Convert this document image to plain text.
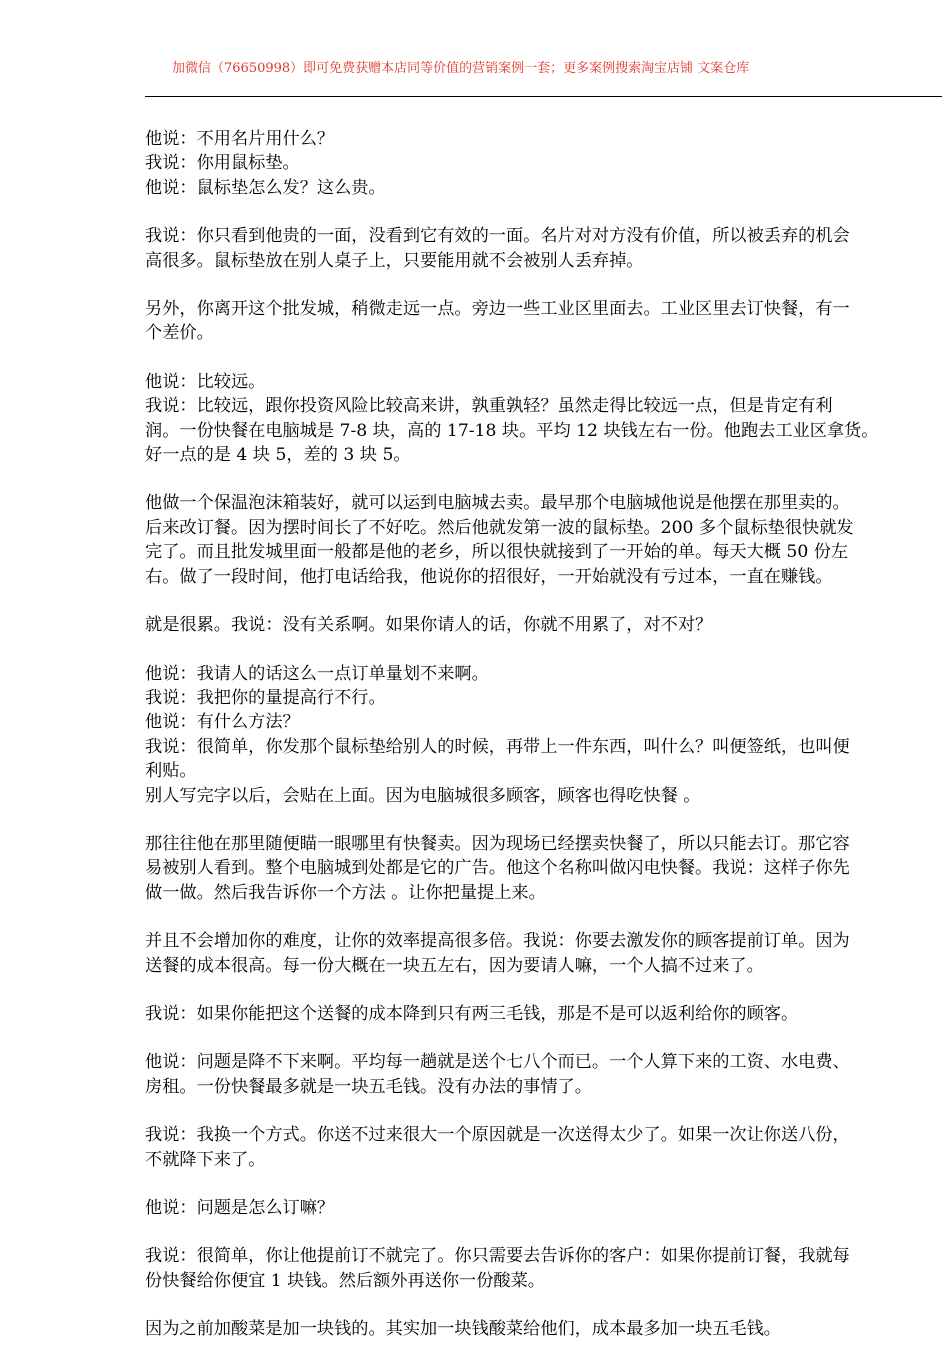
加微信（76650998）即可免费获赠本店同等价值的营销案例一套；更多案例搜索淘宝店铺 文案仓库
他说：不用名片用什么？
我说：你用鼠标垫。
他说：鼠标垫怎么发？这么贵。
我说：你只看到他贵的一面，没看到它有效的一面。名片对对方没有价值，所以被丢弃的机会
高很多。鼠标垫放在别人桌子上，只要能用就不会被别人丢弃掉。
另外，你离开这个批发城，稍微走远一点。旁边一些工业区里面去。工业区里去订快餐，有一
个差价。
他说：比较远。
我说：比较远，跟你投资风险比较高来讲，孰重孰轻？虽然走得比较远一点，但是肯定有利
润。一份快餐在电脑城是 7-8 块，高的 17-18 块。平均 12 块钱左右一份。他跑去工业区拿货。
好一点的是 4 块 5，差的 3 块 5。
他做一个保温泡沫箱装好，就可以运到电脑城去卖。最早那个电脑城他说是他摆在那里卖的。
后来改订餐。因为摆时间长了不好吃。然后他就发第一波的鼠标垫。200 多个鼠标垫很快就发
完了。而且批发城里面一般都是他的老乡，所以很快就接到了一开始的单。每天大概 50 份左
右。做了一段时间，他打电话给我，他说你的招很好，一开始就没有亏过本，一直在赚钱。
就是很累。我说：没有关系啊。如果你请人的话，你就不用累了，对不对？
他说：我请人的话这么一点订单量划不来啊。
我说：我把你的量提高行不行。
他说：有什么方法？
我说：很简单，你发那个鼠标垫给别人的时候，再带上一件东西，叫什么？叫便签纸，也叫便
利贴。
别人写完字以后，会贴在上面。因为电脑城很多顾客，顾客也得吃快餐 。
那往往他在那里随便瞄一眼哪里有快餐卖。因为现场已经摆卖快餐了，所以只能去订。那它容
易被别人看到。整个电脑城到处都是它的广告。他这个名称叫做闪电快餐。我说：这样子你先
做一做。然后我告诉你一个方法 。让你把量提上来。
并且不会增加你的难度，让你的效率提高很多倍。我说：你要去激发你的顾客提前订单。因为
送餐的成本很高。每一份大概在一块五左右，因为要请人嘛，一个人搞不过来了。
我说：如果你能把这个送餐的成本降到只有两三毛钱，那是不是可以返利给你的顾客。
他说：问题是降不下来啊。平均每一趟就是送个七八个而已。一个人算下来的工资、水电费、
房租。一份快餐最多就是一块五毛钱。没有办法的事情了。
我说：我换一个方式。你送不过来很大一个原因就是一次送得太少了。如果一次让你送八份，
不就降下来了。
他说：问题是怎么订嘛？
我说：很简单，你让他提前订不就完了。你只需要去告诉你的客户：如果你提前订餐，我就每
份快餐给你便宜 1 块钱。然后额外再送你一份酸菜。
因为之前加酸菜是加一块钱的。其实加一块钱酸菜给他们，成本最多加一块五毛钱。
